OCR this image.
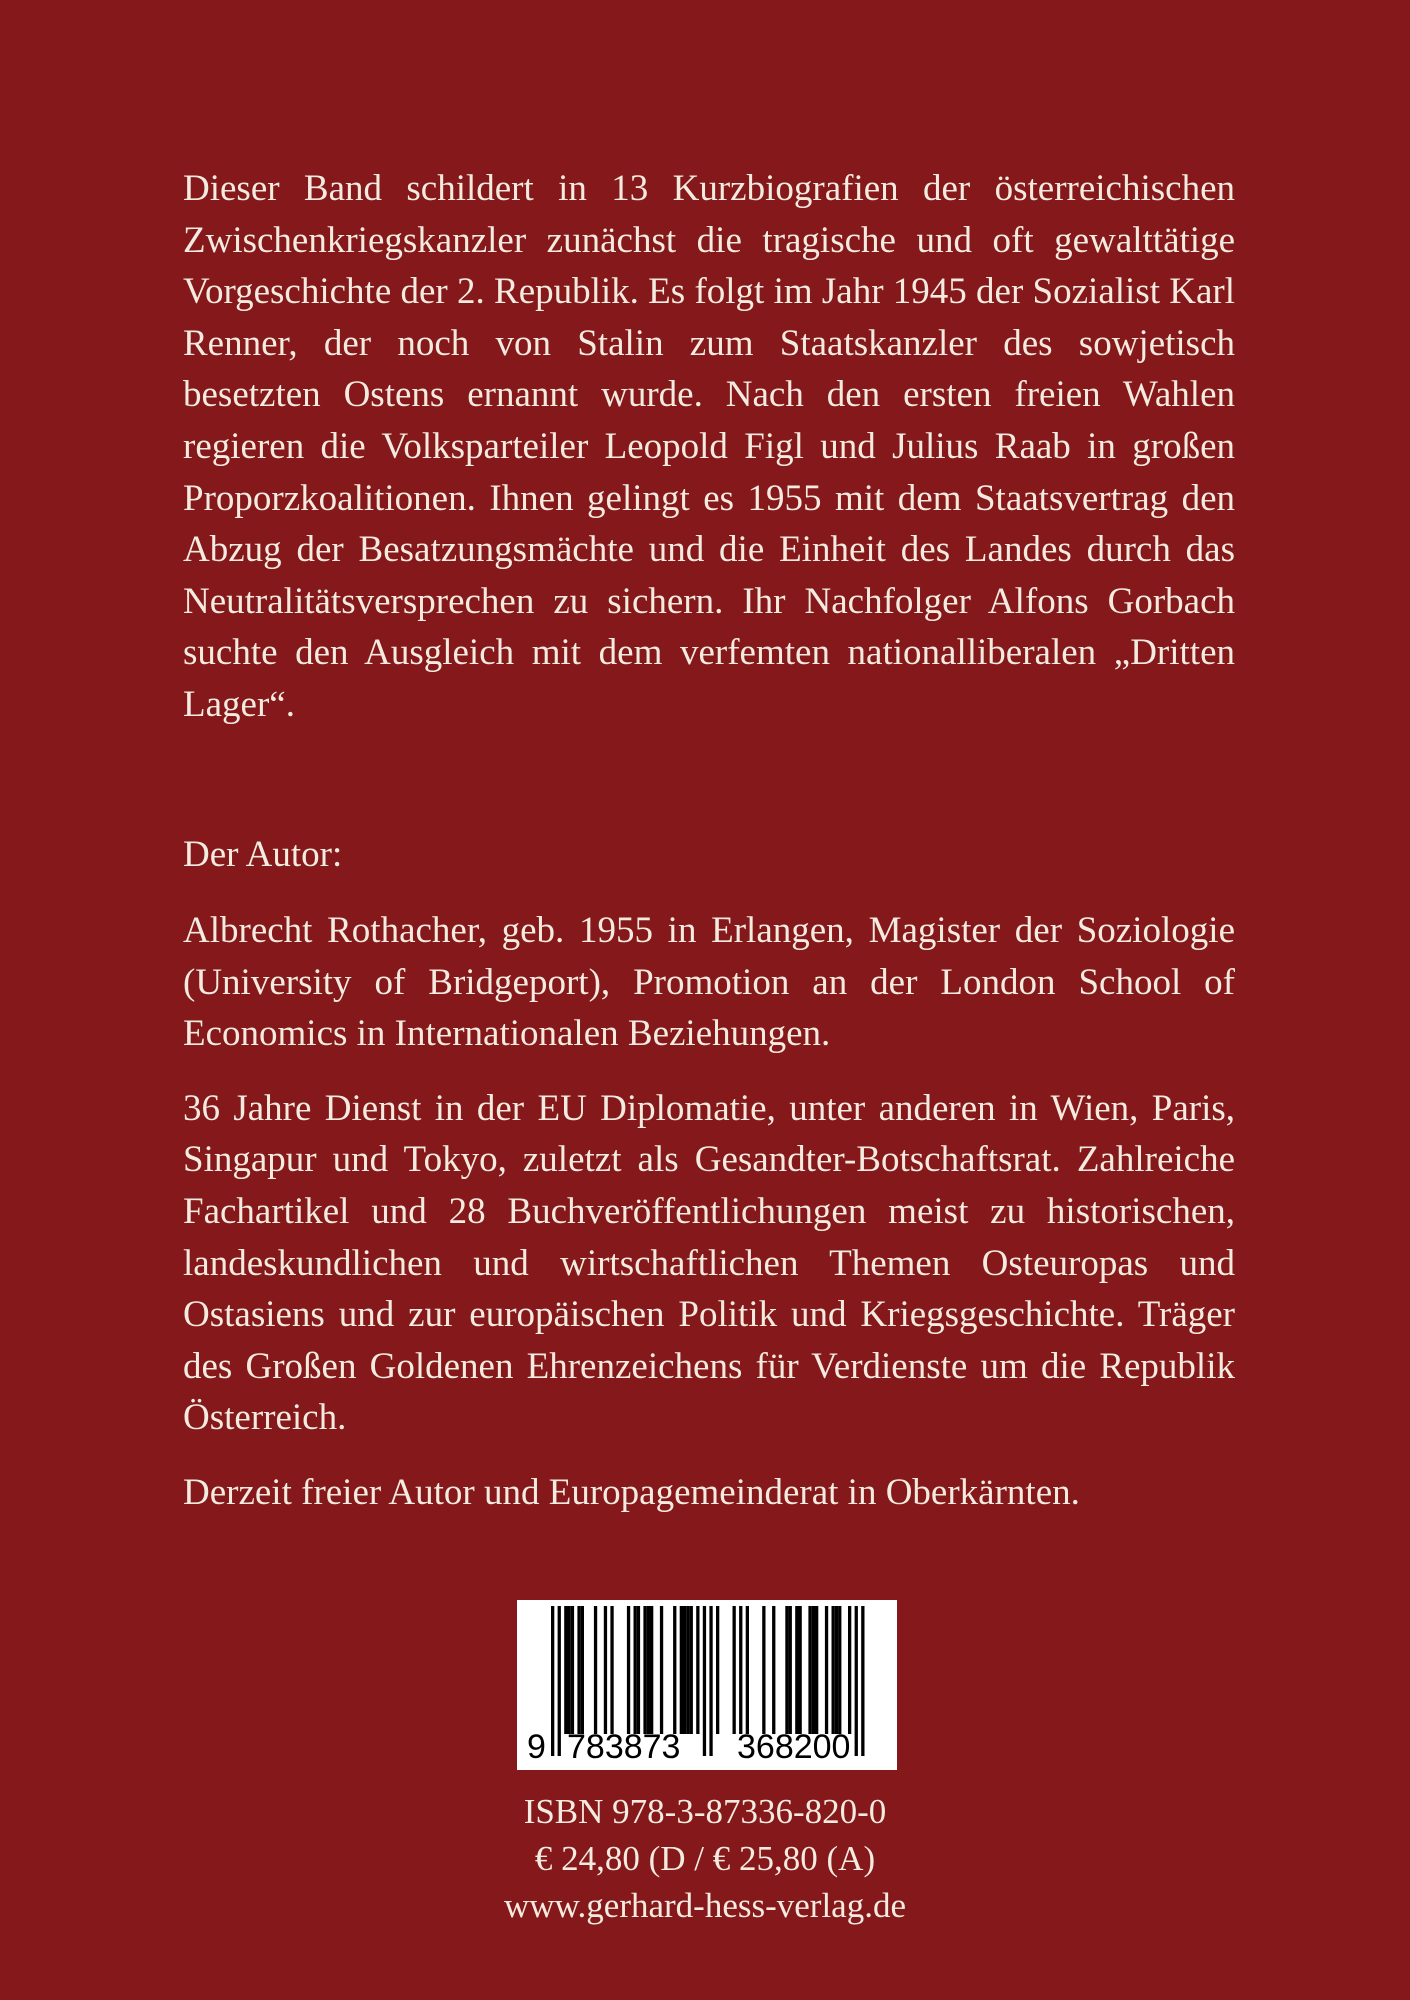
Dieser Band schildert in 13 Kurzbiografien der österreichischen Zwischenkriegskanzler zunächst die tragische und oft gewalttätige Vorgeschichte der 2. Republik. Es folgt im Jahr 1945 der Sozialist Karl Renner, der noch von Stalin zum Staatskanzler des sowjetisch besetzten Ostens ernannt wurde. Nach den ersten freien Wahlen regieren die Volksparteiler Leopold Figl und Julius Raab in großen Proporzkoalitionen. Ihnen gelingt es 1955 mit dem Staatsvertrag den Abzug der Besatzungsmächte und die Einheit des Landes durch das Neutralitätsversprechen zu sichern. Ihr Nachfolger Alfons Gorbach suchte den Ausgleich mit dem verfemten nationalliberalen „Dritten Lager“.

Der Autor:

Albrecht Rothacher, geb. 1955 in Erlangen, Magister der Soziologie (University of Bridgeport), Promotion an der London School of Economics in Internationalen Beziehungen.

36 Jahre Dienst in der EU Diplomatie, unter anderen in Wien, Paris, Singapur und Tokyo, zuletzt als Gesandter-Botschaftsrat. Zahlreiche Fachartikel und 28 Buchveröffentlichungen meist zu historischen, landeskundlichen und wirtschaftlichen Themen Osteuropas und Ostasiens und zur europäischen Politik und Kriegsgeschichte. Träger des Großen Goldenen Ehrenzeichens für Verdienste um die Republik Österreich.

Derzeit freier Autor und Europagemeinderat in Oberkärnten.

9 783873 368200
ISBN 978-3-87336-820-0
€ 24,80 (D / € 25,80 (A)
www.gerhard-hess-verlag.de
